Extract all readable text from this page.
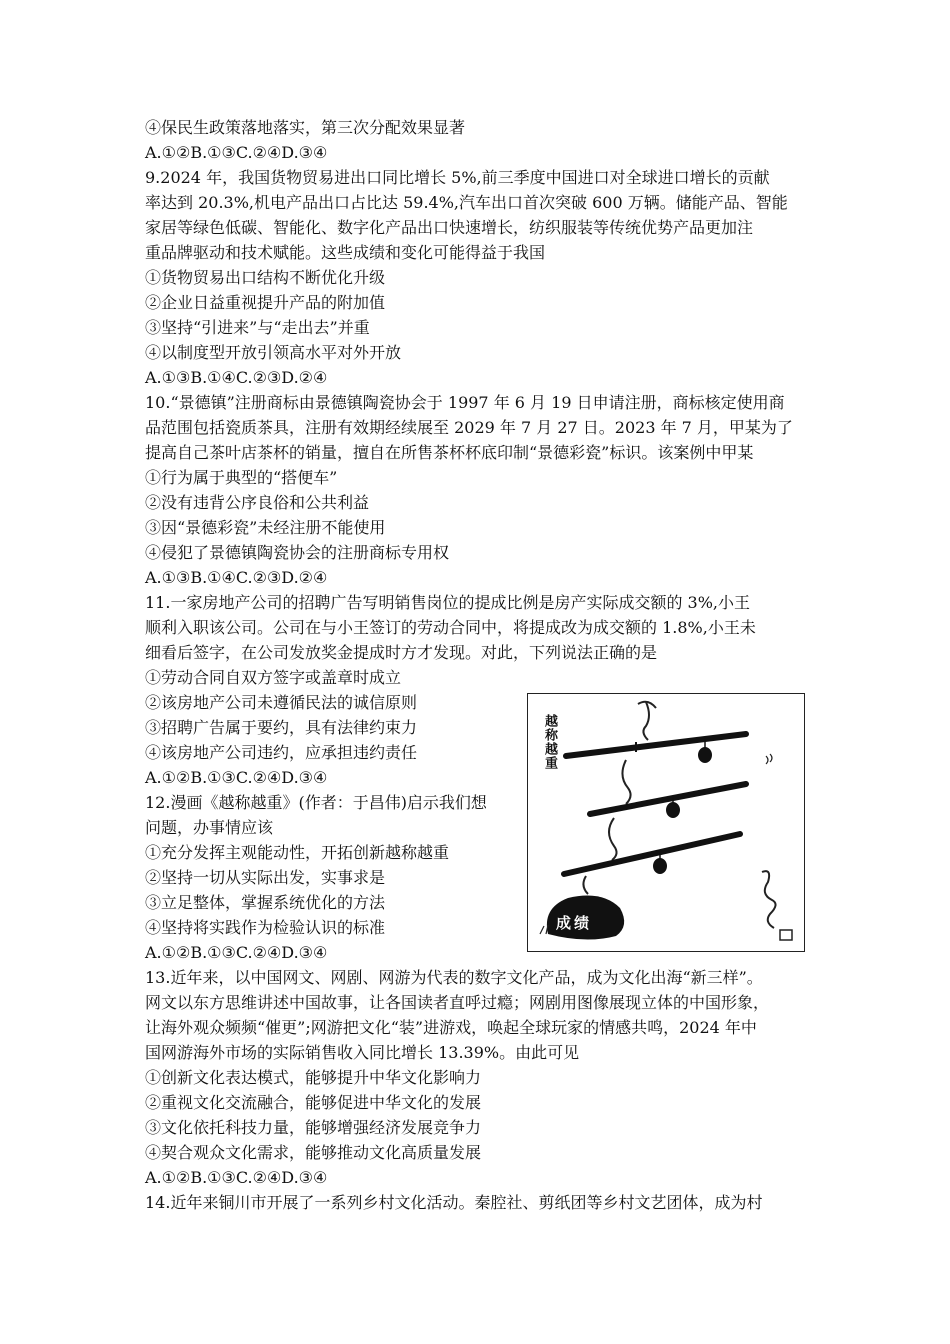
④保民生政策落地落实，第三次分配效果显著
A.①②B.①③C.②④D.③④
9.2024 年，我国货物贸易进出口同比增长 5%,前三季度中国进口对全球进口增长的贡献
率达到 20.3%,机电产品出口占比达 59.4%,汽车出口首次突破 600 万辆。储能产品、智能
家居等绿色低碳、智能化、数字化产品出口快速增长，纺织服装等传统优势产品更加注
重品牌驱动和技术赋能。这些成绩和变化可能得益于我国
①货物贸易出口结构不断优化升级
②企业日益重视提升产品的附加值
③坚持“引进来”与“走出去”并重
④以制度型开放引领高水平对外开放
A.①③B.①④C.②③D.②④
10.“景德镇”注册商标由景德镇陶瓷协会于 1997 年 6 月 19 日申请注册，商标核定使用商
品范围包括瓷质茶具，注册有效期经续展至 2029 年 7 月 27 日。2023 年 7 月，甲某为了
提高自己茶叶店茶杯的销量，擅自在所售茶杯杯底印制“景德彩瓷”标识。该案例中甲某
①行为属于典型的“搭便车”
②没有违背公序良俗和公共利益
③因“景德彩瓷”未经注册不能使用
④侵犯了景德镇陶瓷协会的注册商标专用权
A.①③B.①④C.②③D.②④
11.一家房地产公司的招聘广告写明销售岗位的提成比例是房产实际成交额的 3%,小王
顺利入职该公司。公司在与小王签订的劳动合同中，将提成改为成交额的 1.8%,小王未
细看后签字，在公司发放奖金提成时方才发现。对此，下列说法正确的是
①劳动合同自双方签字或盖章时成立
②该房地产公司未遵循民法的诚信原则
③招聘广告属于要约，具有法律约束力
④该房地产公司违约，应承担违约责任
A.①②B.①③C.②④D.③④
12.漫画《越称越重》(作者：于昌伟)启示我们想
问题，办事情应该
①充分发挥主观能动性，开拓创新越称越重
②坚持一切从实际出发，实事求是
③立足整体，掌握系统优化的方法
④坚持将实践作为检验认识的标准
A.①②B.①③C.②④D.③④
13.近年来，以中国网文、网剧、网游为代表的数字文化产品，成为文化出海“新三样”。
网文以东方思维讲述中国故事，让各国读者直呼过瘾；网剧用图像展现立体的中国形象，
让海外观众频频“催更”;网游把文化“装”进游戏，唤起全球玩家的情感共鸣，2024 年中
国网游海外市场的实际销售收入同比增长 13.39%。由此可见
①创新文化表达模式，能够提升中华文化影响力
②重视文化交流融合，能够促进中华文化的发展
③文化依托科技力量，能够增强经济发展竞争力
④契合观众文化需求，能够推动文化高质量发展
A.①②B.①③C.②④D.③④
14.近年来铜川市开展了一系列乡村文化活动。秦腔社、剪纸团等乡村文艺团体，成为村
越称越重
成绩
